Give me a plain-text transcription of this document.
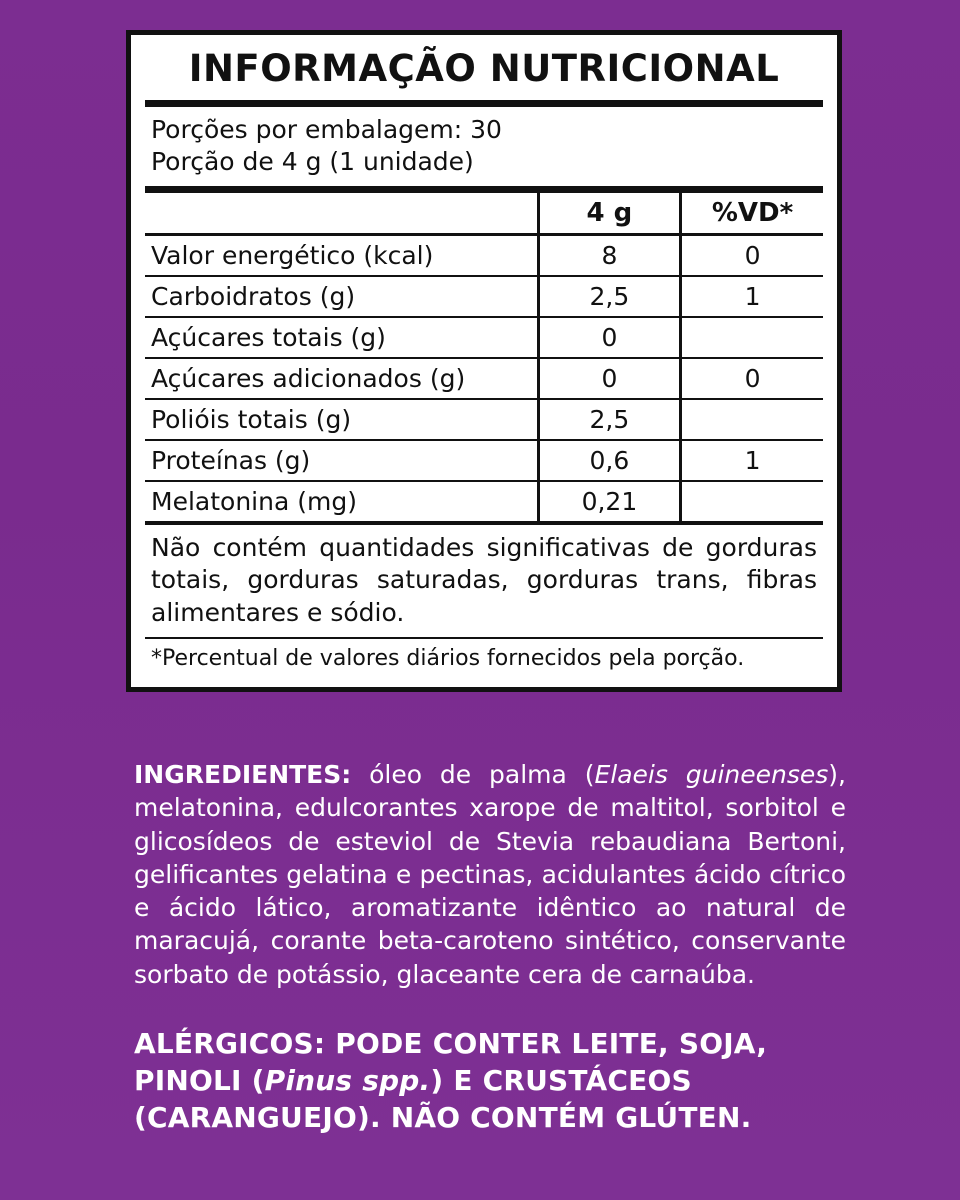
INFORMAÇÃO NUTRICIONAL
Porções por embalagem: 30
Porção de 4 g (1 unidade)
	4 g	%VD*
Valor energético (kcal)	8	0
Carboidratos (g)	2,5	1
Açúcares totais (g)	0	
Açúcares adicionados (g)	0	0
Polióis totais (g)	2,5	
Proteínas (g)	0,6	1
Melatonina (mg)	0,21	
Não contém quantidades significativas de gorduras totais, gorduras saturadas, gorduras trans, fibras alimentares e sódio.
*Percentual de valores diários fornecidos pela porção.
INGREDIENTES: óleo de palma (Elaeis guineenses), melatonina, edulcorantes xarope de maltitol, sorbitol e glicosídeos de esteviol de Stevia rebaudiana Bertoni, gelificantes gelatina e pectinas, acidulantes ácido cítrico e ácido lático, aromatizante idêntico ao natural de maracujá, corante beta-caroteno sintético, conservante sorbato de potássio, glaceante cera de carnaúba.
ALÉRGICOS: PODE CONTER LEITE, SOJA, PINOLI (Pinus spp.) E CRUSTÁCEOS (CARANGUEJO). NÃO CONTÉM GLÚTEN.
